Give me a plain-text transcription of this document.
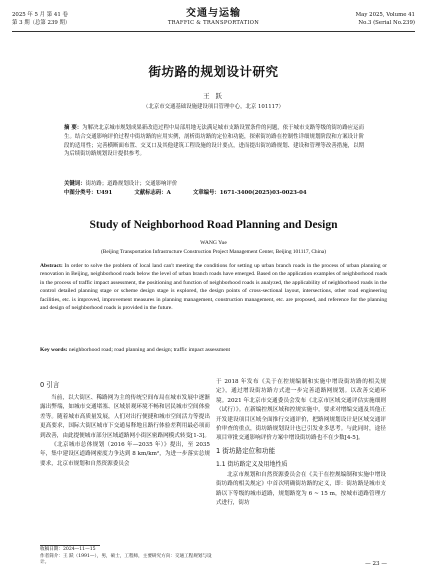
2025 年 5 月 第 41 卷
第 3 期（总第 239 期）
交通与运输
TRAFFIC & TRANSPORTATION
May 2025, Volume 41
No.3 (Serial No.239)
街坊路的规划设计研究
王 跃
（北京市交通基础设施建设项目管理中心，北京 101117）
摘 要：为解决北京城市规划成果新改造过程中局部用地无法满足城市支路设置条件的问题，依于城市支路等级的街坊路应运而生。结合交通影响评价过程中街坊路的应用实例，剖析街坊路的定位和功能，探索街坊路在控制性详细规划阶段和方案设计阶段的适用性；完善横断面布置、交叉口及其他建筑工程设施的设计要点，进而提出街坊路规划、建设和管理等改善措施，以期为后续街坊路规划设计提供参考。
关键词：街坊路；道路规划设计；交通影响评价
中图分类号：U491	文献标志码：A	文章编号：1671-3400(2025)03-0023-04
Study of Neighborhood Road Planning and Design
WANG Yue
(Beijing Transportation Infrastructure Construction Project Management Center, Beijing 101117, China)
Abstract: In order to solve the problem of local land can't meeting the conditions for setting up urban branch roads in the process of urban planning or renovation in Beijing, neighborhood roads below the level of urban branch roads have emerged. Based on the application examples of neighborhood roads in the process of traffic impact assessment, the positioning and function of neighborhood roads is analyzed, the applicability of neighborhood roads in the control detailed planning stage or scheme design stage is explored, the design points of cross-sectional layout, intersections, other road engineering facilities, etc. is improved, improvement measures in planning management, construction management, etc. are proposed, and reference for the planning and design of neighborhood roads is provided in the future.
Key words: neighborhood road; road planning and design; traffic impact assessment
0 引言

当前，以大街区、稀路网为主的传统空间布局在城市发展中逐渐露出弊端，如城市交通堵塞、区域景观环境不畅和居民城市空间体验差等。随着城市高质量发展，人们对出行便捷和城市空间活力等提出更高要求，国际大街区城市下交通易释地且路行体验差利用最必项而到改善，由此提便城市部分区域道路网小街区密路网模式转变[1-3]。

《北京城市总体规划（2016 年—2035 年）》提出，至 2035 年，集中建设区道路网密度力争达到 8 km/km²，为进一步落实总规要求，北京市规划和自然资源委员会

于 2018 年发布《关于在控规编制和实施中增设街坊路的相关规定》，通过增设街坊路方式进一步完善道路网规划。以改善交通环境。2021 年北京市交通委员会发布《北京市区域交通评估实施细则（试行）》。在新编控规区域和控规实施中，要求对增编交通及其他正开发建设项目区域全面推行交通评价，把路网规划设计是区域交通评价审查的重点，街坊路规划设计也已引发业多思考。与此同时，途径项目审批交通影响评价方案中增设街坊路也不在少数[4-5]。

1 街坊路定位和功能
1.1 街坊路定义及用地性质

北京市规划和自然资源委员会在《关于在控规编制和实施中增设街坊路的相关规定》中首次明确街坊路的定义，即：街坊路是城市支路以下等级的城市道路，规划路宽为 6 ~ 15 m，按城市道路管理方式进行，街坊

收稿日期：2024—11—15
作者简介：王 跃（1991—），男，硕士，工程师，主要研究方向：交通工程规划与设计。	— 23 —
